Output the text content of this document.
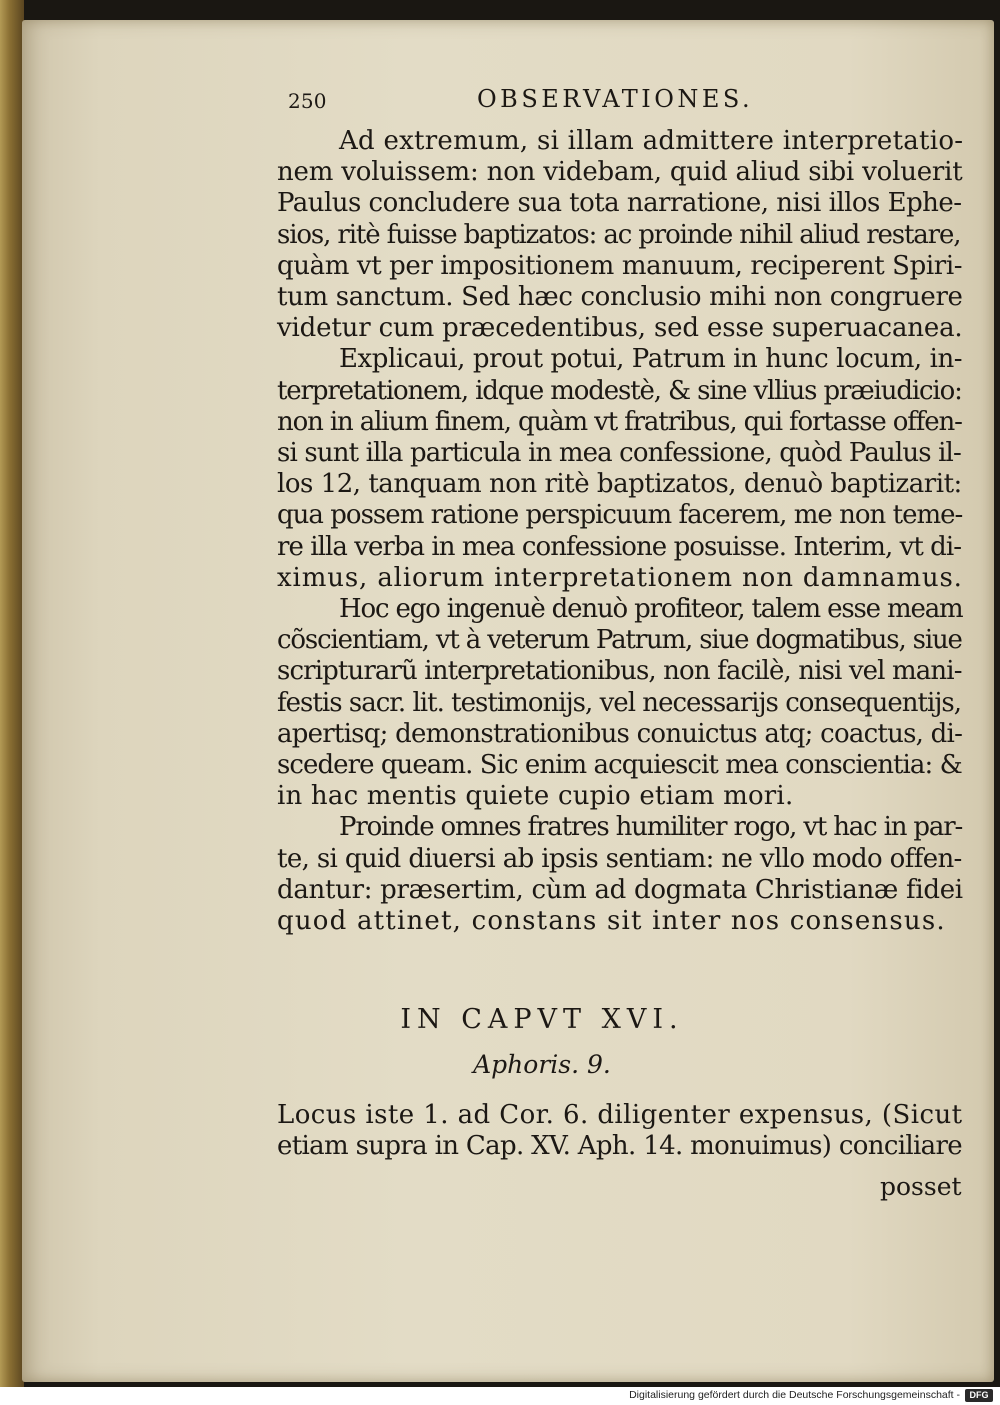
250	OBSERVATIONES.

Ad extremum, si illam admittere interpretatio-

nem voluissem: non videbam, quid aliud sibi voluerit

Paulus concludere sua tota narratione, nisi illos Ephe-

sios, ritè fuisse baptizatos: ac proinde nihil aliud restare,

quàm vt per impositionem manuum, reciperent Spiri-

tum sanctum. Sed hæc conclusio mihi non congruere

videtur cum præcedentibus, sed esse superuacanea.

Explicaui, prout potui, Patrum in hunc locum, in-

terpretationem, idque modestè, & sine vllius præiudicio:

non in alium finem, quàm vt fratribus, qui fortasse offen-

si sunt illa particula in mea confessione, quòd Paulus il-

los 12, tanquam non ritè baptizatos, denuò baptizarit:

qua possem ratione perspicuum facerem, me non teme-

re illa verba in mea confessione posuisse. Interim, vt di-

ximus, aliorum interpretationem non damnamus.

Hoc ego ingenuè denuò profiteor, talem esse meam

cõscientiam, vt à veterum Patrum, siue dogmatibus, siue

scripturarũ interpretationibus, non facilè, nisi vel mani-

festis sacr. lit. testimonijs, vel necessarijs consequentijs,

apertisq; demonstrationibus conuictus atq; coactus, di-

scedere queam. Sic enim acquiescit mea conscientia: &

in hac mentis quiete cupio etiam mori.

Proinde omnes fratres humiliter rogo, vt hac in par-

te, si quid diuersi ab ipsis sentiam: ne vllo modo offen-

dantur: præsertim, cùm ad dogmata Christianæ fidei

quod attinet, constans sit inter nos consensus.

IN CAPVT XVI.

Aphoris. 9.

Locus iste 1. ad Cor. 6. diligenter expensus, (Sicut

etiam supra in Cap. XV. Aph. 14. monuimus) conciliare

posset

Digitalisierung gefördert durch die Deutsche Forschungsgemeinschaft -	DFG
